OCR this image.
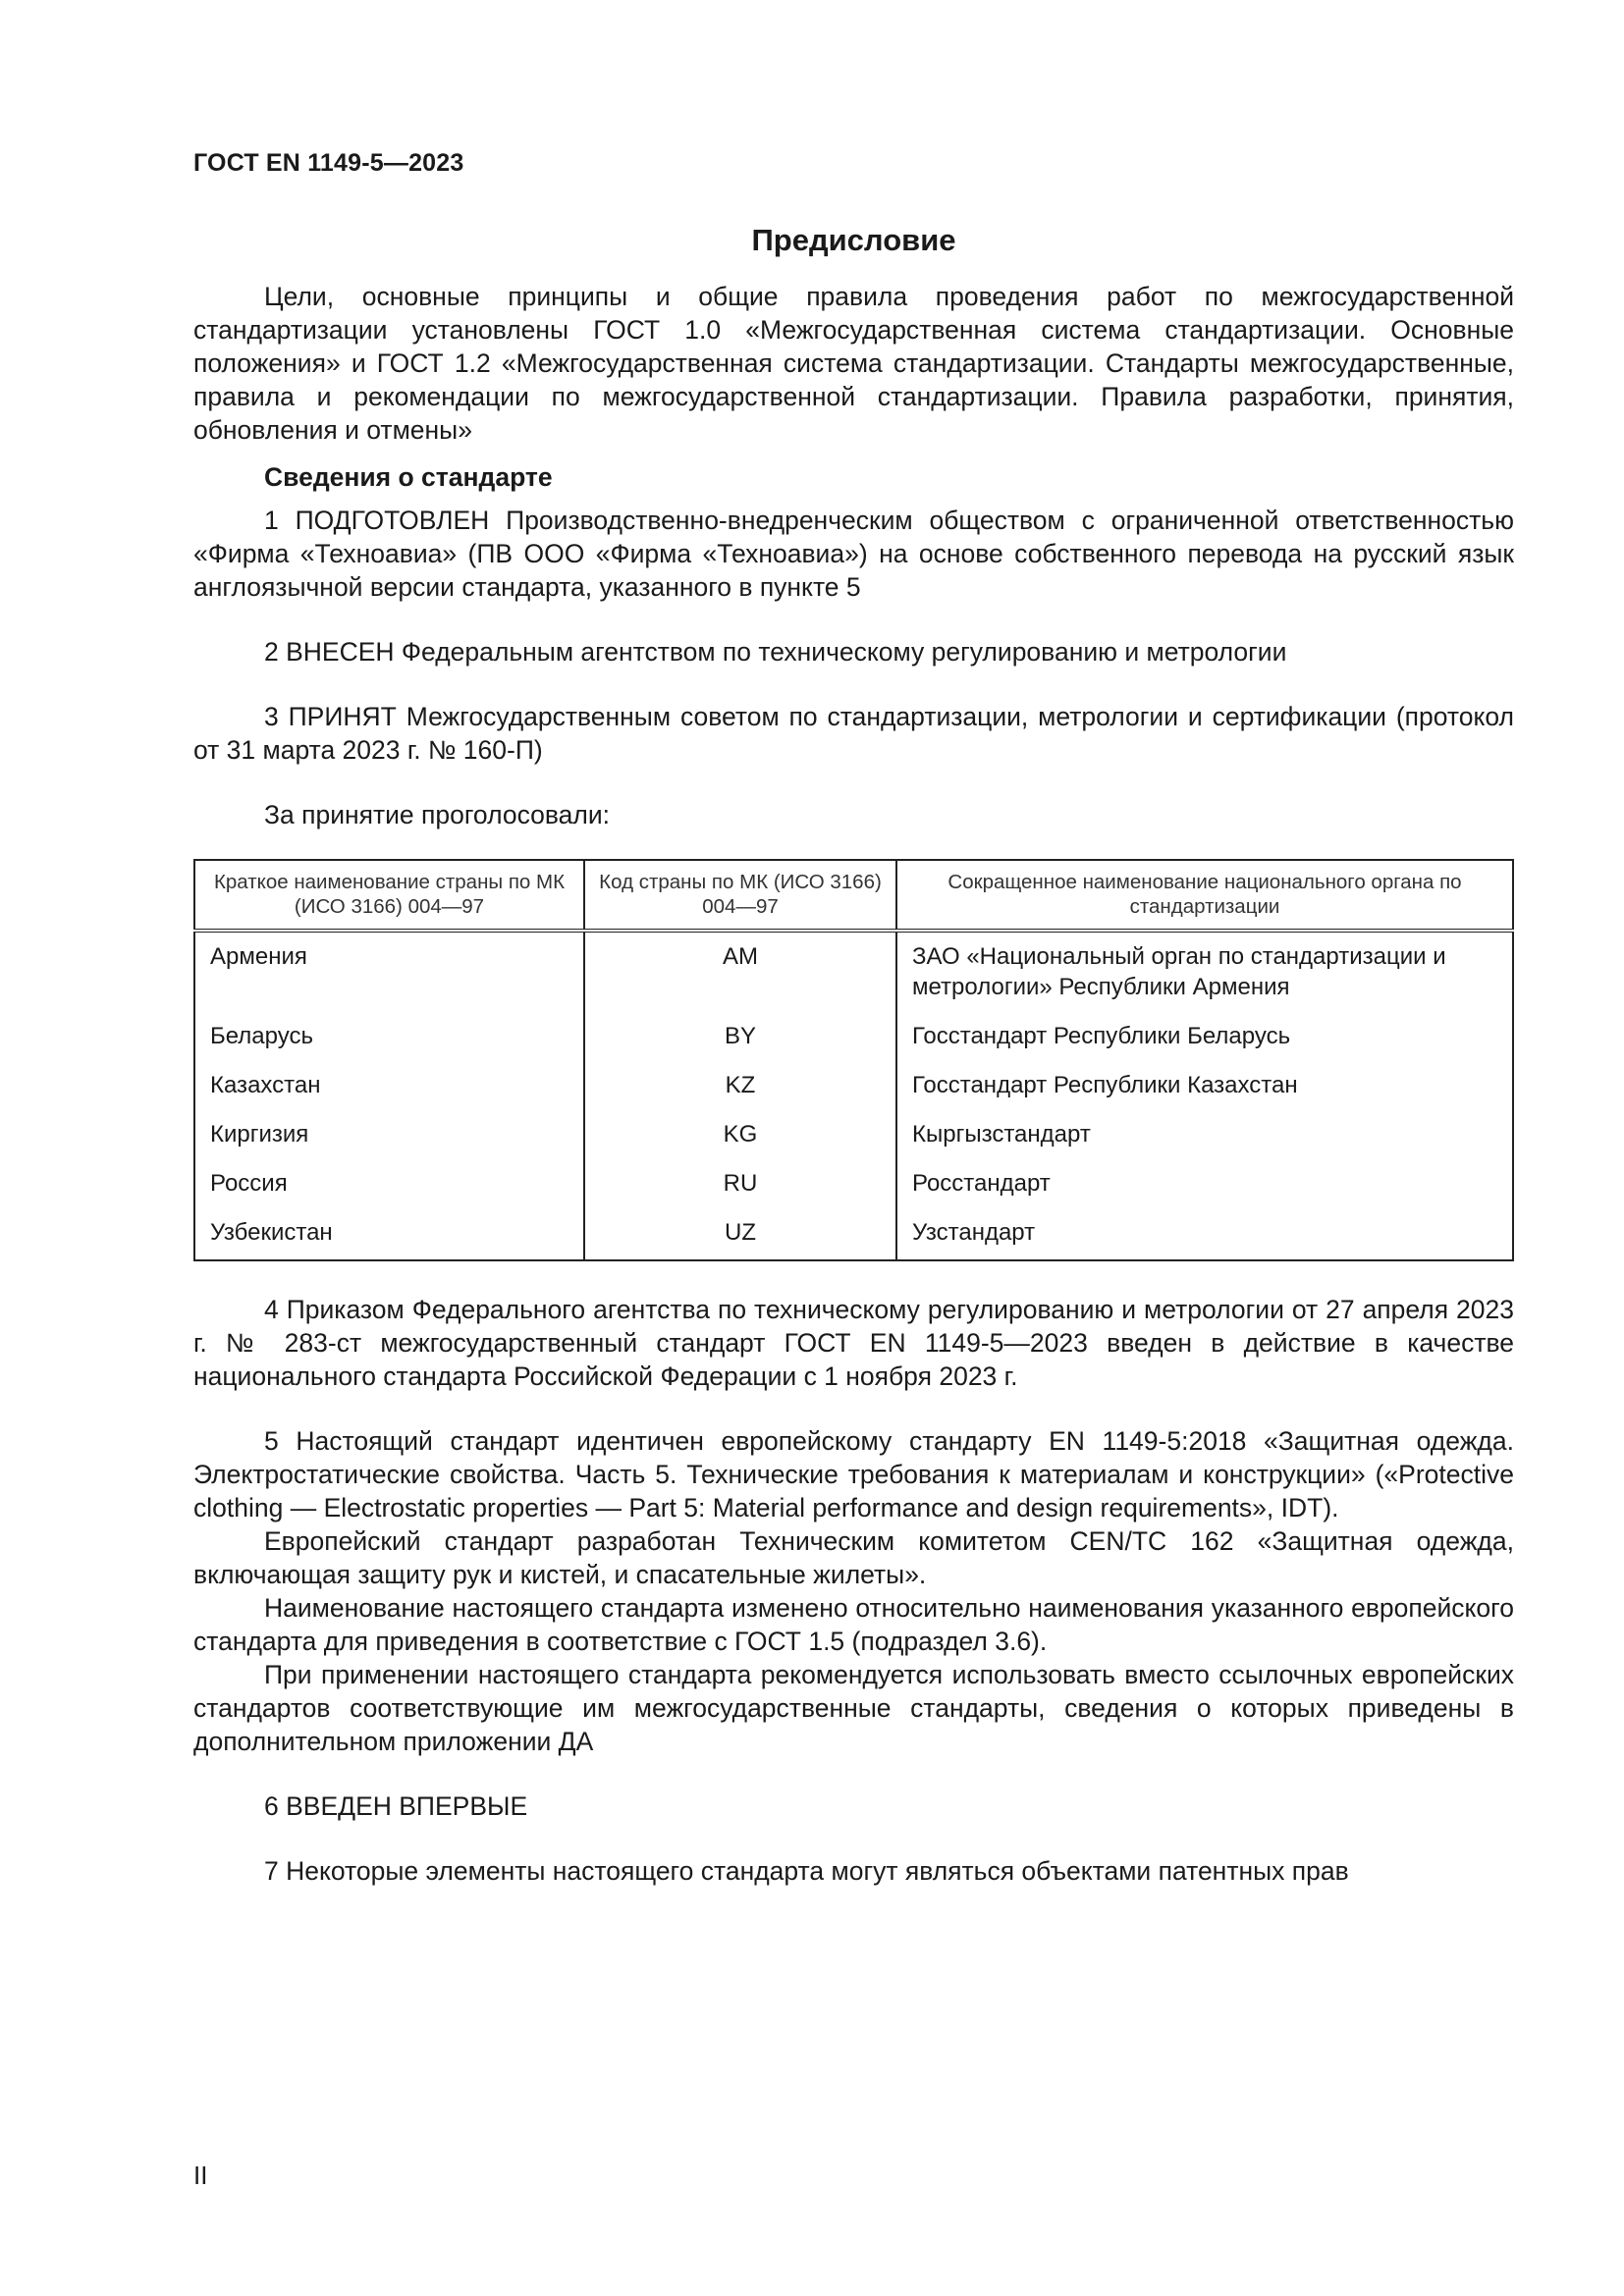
ГОСТ EN 1149-5—2023
Предисловие

Цели, основные принципы и общие правила проведения работ по межгосударственной стандартизации установлены ГОСТ 1.0 «Межгосударственная система стандартизации. Основные положения» и ГОСТ 1.2 «Межгосударственная система стандартизации. Стандарты межгосударственные, правила и рекомендации по межгосударственной стандартизации. Правила разработки, принятия, обновления и отмены»

Сведения о стандарте

1 ПОДГОТОВЛЕН Производственно-внедренческим обществом с ограниченной ответственностью «Фирма «Техноавиа» (ПВ ООО «Фирма «Техноавиа») на основе собственного перевода на русский язык англоязычной версии стандарта, указанного в пункте 5

2 ВНЕСЕН Федеральным агентством по техническому регулированию и метрологии

3 ПРИНЯТ Межгосударственным советом по стандартизации, метрологии и сертификации (протокол от 31 марта 2023 г. № 160-П)

За принятие проголосовали:

Краткое наименование страны по МК (ИСО 3166) 004—97	Код страны по МК (ИСО 3166) 004—97	Сокращенное наименование национального органа по стандартизации
Армения	AM	ЗАО «Национальный орган по стандартизации и метрологии» Республики Армения
Беларусь	BY	Госстандарт Республики Беларусь
Казахстан	KZ	Госстандарт Республики Казахстан
Киргизия	KG	Кыргызстандарт
Россия	RU	Росстандарт
Узбекистан	UZ	Узстандарт

4 Приказом Федерального агентства по техническому регулированию и метрологии от 27 апреля 2023 г. № 283-ст межгосударственный стандарт ГОСТ EN 1149-5—2023 введен в действие в качестве национального стандарта Российской Федерации с 1 ноября 2023 г.

5 Настоящий стандарт идентичен европейскому стандарту EN 1149-5:2018 «Защитная одежда. Электростатические свойства. Часть 5. Технические требования к материалам и конструкции» («Protective clothing — Electrostatic properties — Part 5: Material performance and design requirements», IDT).

Европейский стандарт разработан Техническим комитетом CEN/TC 162 «Защитная одежда, включающая защиту рук и кистей, и спасательные жилеты».

Наименование настоящего стандарта изменено относительно наименования указанного европейского стандарта для приведения в соответствие с ГОСТ 1.5 (подраздел 3.6).

При применении настоящего стандарта рекомендуется использовать вместо ссылочных европейских стандартов соответствующие им межгосударственные стандарты, сведения о которых приведены в дополнительном приложении ДА

6 ВВЕДЕН ВПЕРВЫЕ

7 Некоторые элементы настоящего стандарта могут являться объектами патентных прав

II
